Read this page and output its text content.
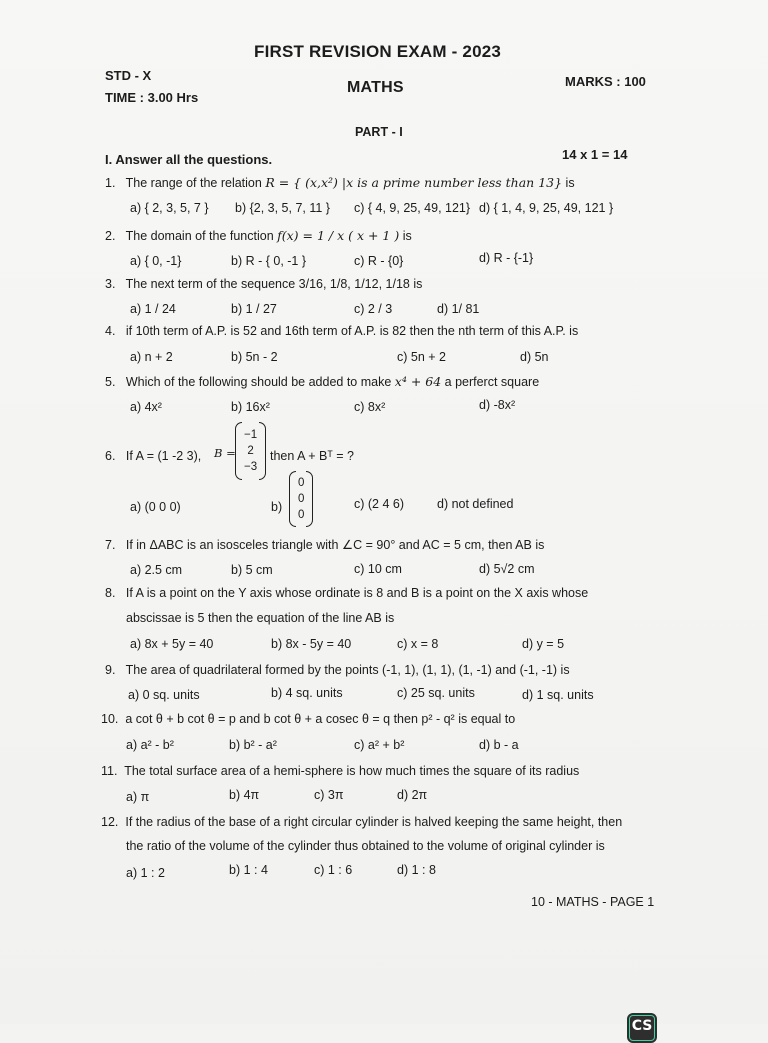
FIRST REVISION EXAM - 2023
STD - X
TIME : 3.00 Hrs
MATHS	MARKS : 100
PART - I
I. Answer all the questions.	14 x 1 = 14
1. The range of the relation R = { (x,x²) |x is a prime number less than 13} is
a) { 2, 3, 5, 7 } b) {2, 3, 5, 7, 11 } c) { 4, 9, 25, 49, 121} d) { 1, 4, 9, 25, 49, 121 }
2. The domain of the function f(x) = 1 / x ( x + 1 ) is
a) { 0, -1}	b) R - { 0, -1 }	c) R - {0}	d) R - {-1}
3. The next term of the sequence 3/16, 1/8, 1/12, 1/18 is
a) 1 / 24	b) 1 / 27	c) 2 / 3	d) 1/ 81
4. if 10th term of A.P. is 52 and 16th term of A.P. is 82 then the nth term of this A.P. is
a) n + 2	b) 5n - 2	c) 5n + 2	d) 5n
5. Which of the following should be added to make x⁴ + 64 a perferct square
a) 4x²	b) 16x²	c) 8x²	d) -8x²
6. If A = (1 -2 3), B =
−1
2
−3
then A + Bᵀ = ?
a) (0 0 0)	b)
0
0
0
c) (2 4 6)	d) not defined
7. If in ΔABC is an isosceles triangle with ∠C = 90° and AC = 5 cm, then AB is
a) 2.5 cm	b) 5 cm	c) 10 cm	d) 5√2 cm
8. If A is a point on the Y axis whose ordinate is 8 and B is a point on the X axis whose
abscissae is 5 then the equation of the line AB is
a) 8x + 5y = 40	b) 8x - 5y = 40	c) x = 8	d) y = 5
9. The area of quadrilateral formed by the points (-1, 1), (1, 1), (1, -1) and (-1, -1) is
a) 0 sq. units	b) 4 sq. units	c) 25 sq. units	d) 1 sq. units
10. a cot θ + b cot θ = p and b cot θ + a cosec θ = q then p² - q² is equal to
a) a² - b²	b) b² - a²	c) a² + b²	d) b - a
11. The total surface area of a hemi-sphere is how much times the square of its radius
a) π	b) 4π	c) 3π	d) 2π
12. If the radius of the base of a right circular cylinder is halved keeping the same height, then
the ratio of the volume of the cylinder thus obtained to the volume of original cylinder is
a) 1 : 2	b) 1 : 4	c) 1 : 6	d) 1 : 8
10 - MATHS - PAGE 1
CS
